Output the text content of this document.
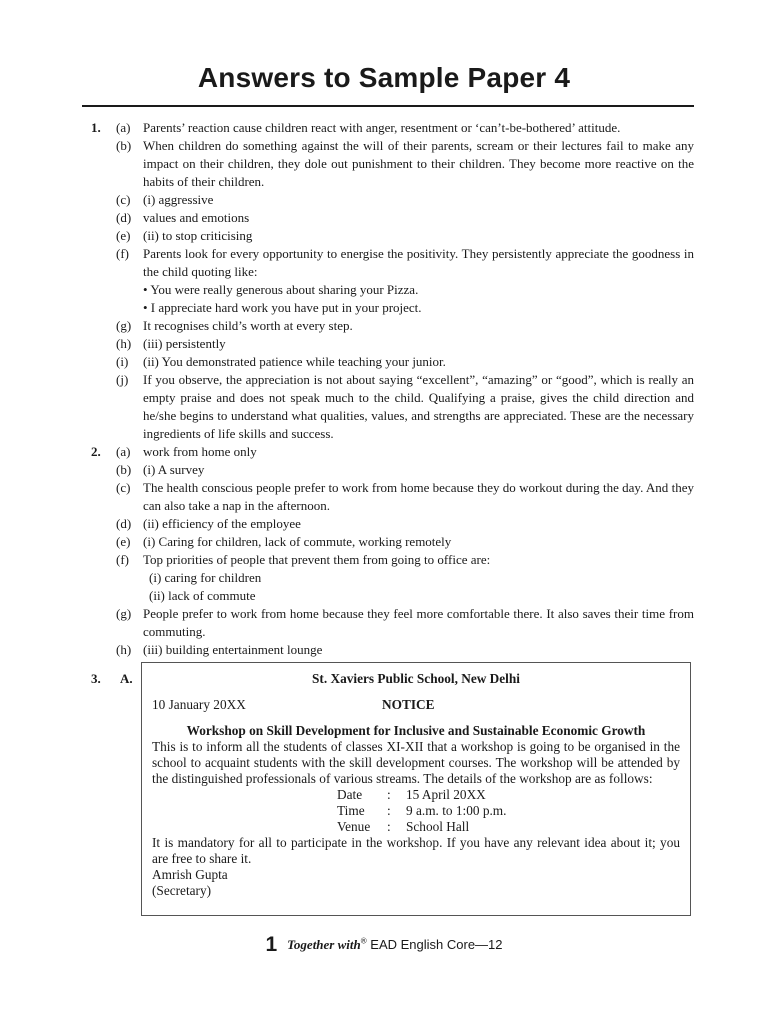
Answers to Sample Paper 4
1. (a) Parents’ reaction cause children react with anger, resentment or ‘can’t-be-bothered’ attitude.
(b) When children do something against the will of their parents, scream or their lectures fail to make any impact on their children, they dole out punishment to their children. They become more reactive on the habits of their children.
(c) (i) aggressive
(d) values and emotions
(e) (ii) to stop criticising
(f)	Parents look for every opportunity to energise the positivity. They persistently appreciate the goodness in the child quoting like:
• You were really generous about sharing your Pizza.
• I appreciate hard work you have put in your project.
(g) It recognises child’s worth at every step.
(h) (iii) persistently
(i)	(ii) You demonstrated patience while teaching your junior.
(j)	If you observe, the appreciation is not about saying “excellent”, “amazing” or “good”, which is really an empty praise and does not speak much to the child. Qualifying a praise, gives the child direction and he/she begins to understand what qualities, values, and strengths are appreciated. These are the necessary ingredients of life skills and success.
2. (a) work from home only
(b) (i) A survey
(c) The health conscious people prefer to work from home because they do workout during the day. And they can also take a nap in the afternoon.
(d) (ii) efficiency of the employee
(e) (i) Caring for children, lack of commute, working remotely
(f)	Top priorities of people that prevent them from going to office are:
(i) caring for children
(ii) lack of commute
(g) People prefer to work from home because they feel more comfortable there. It also saves their time from commuting.
(h) (iii) building entertainment lounge
3. A.	St. Xaviers Public School, New Delhi
10 January 20XX	NOTICE
Workshop on Skill Development for Inclusive and Sustainable Economic Growth
This is to inform all the students of classes XI-XII that a workshop is going to be organised in the school to acquaint students with the skill development courses. The workshop will be attended by the distinguished professionals of various streams. The details of the workshop are as follows:
Date : 15 April 20XX
Time : 9 a.m. to 1:00 p.m.
Venue : School Hall
It is mandatory for all to participate in the workshop. If you have any relevant idea about it; you are free to share it.
Amrish Gupta
(Secretary)
1 Together with® EAD English Core—12
